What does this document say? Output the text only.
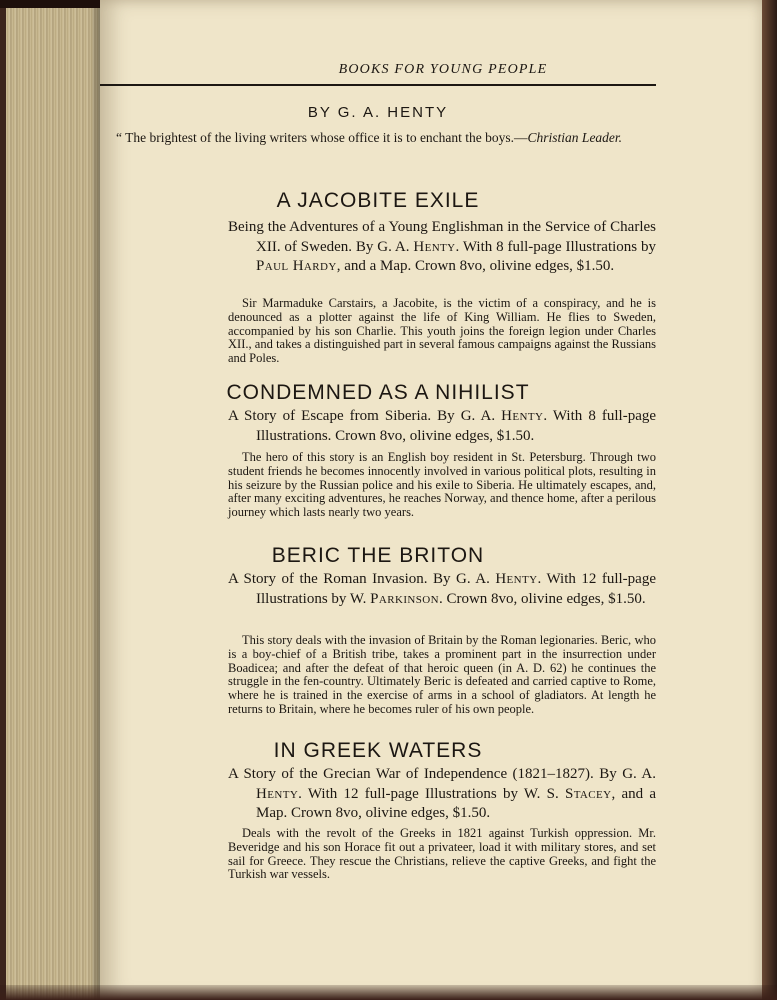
BOOKS FOR YOUNG PEOPLE
BY G. A. HENTY
“ The brightest of the living writers whose office it is to enchant the boys.—Christian Leader.
A JACOBITE EXILE
Being the Adventures of a Young Englishman in the Service of Charles XII. of Sweden. By G. A. Henty. With 8 full-page Illustrations by Paul Hardy, and a Map. Crown 8vo, olivine edges, $1.50.
Sir Marmaduke Carstairs, a Jacobite, is the victim of a conspiracy, and he is denounced as a plotter against the life of King William. He flies to Sweden, accompanied by his son Charlie. This youth joins the foreign legion under Charles XII., and takes a distinguished part in several famous campaigns against the Russians and Poles.
CONDEMNED AS A NIHILIST
A Story of Escape from Siberia. By G. A. Henty. With 8 full-page Illustrations. Crown 8vo, olivine edges, $1.50.
The hero of this story is an English boy resident in St. Petersburg. Through two student friends he becomes innocently involved in various political plots, resulting in his seizure by the Russian police and his exile to Siberia. He ultimately escapes, and, after many exciting adventures, he reaches Norway, and thence home, after a perilous journey which lasts nearly two years.
BERIC THE BRITON
A Story of the Roman Invasion. By G. A. Henty. With 12 full-page Illustrations by W. Parkinson. Crown 8vo, olivine edges, $1.50.
This story deals with the invasion of Britain by the Roman legionaries. Beric, who is a boy-chief of a British tribe, takes a prominent part in the insurrection under Boadicea; and after the defeat of that heroic queen (in A. D. 62) he continues the struggle in the fen-country. Ultimately Beric is defeated and carried captive to Rome, where he is trained in the exercise of arms in a school of gladiators. At length he returns to Britain, where he becomes ruler of his own people.
IN GREEK WATERS
A Story of the Grecian War of Independence (1821–1827). By G. A. Henty. With 12 full-page Illustrations by W. S. Stacey, and a Map. Crown 8vo, olivine edges, $1.50.
Deals with the revolt of the Greeks in 1821 against Turkish oppression. Mr. Beveridge and his son Horace fit out a privateer, load it with military stores, and set sail for Greece. They rescue the Christians, relieve the captive Greeks, and fight the Turkish war vessels.
